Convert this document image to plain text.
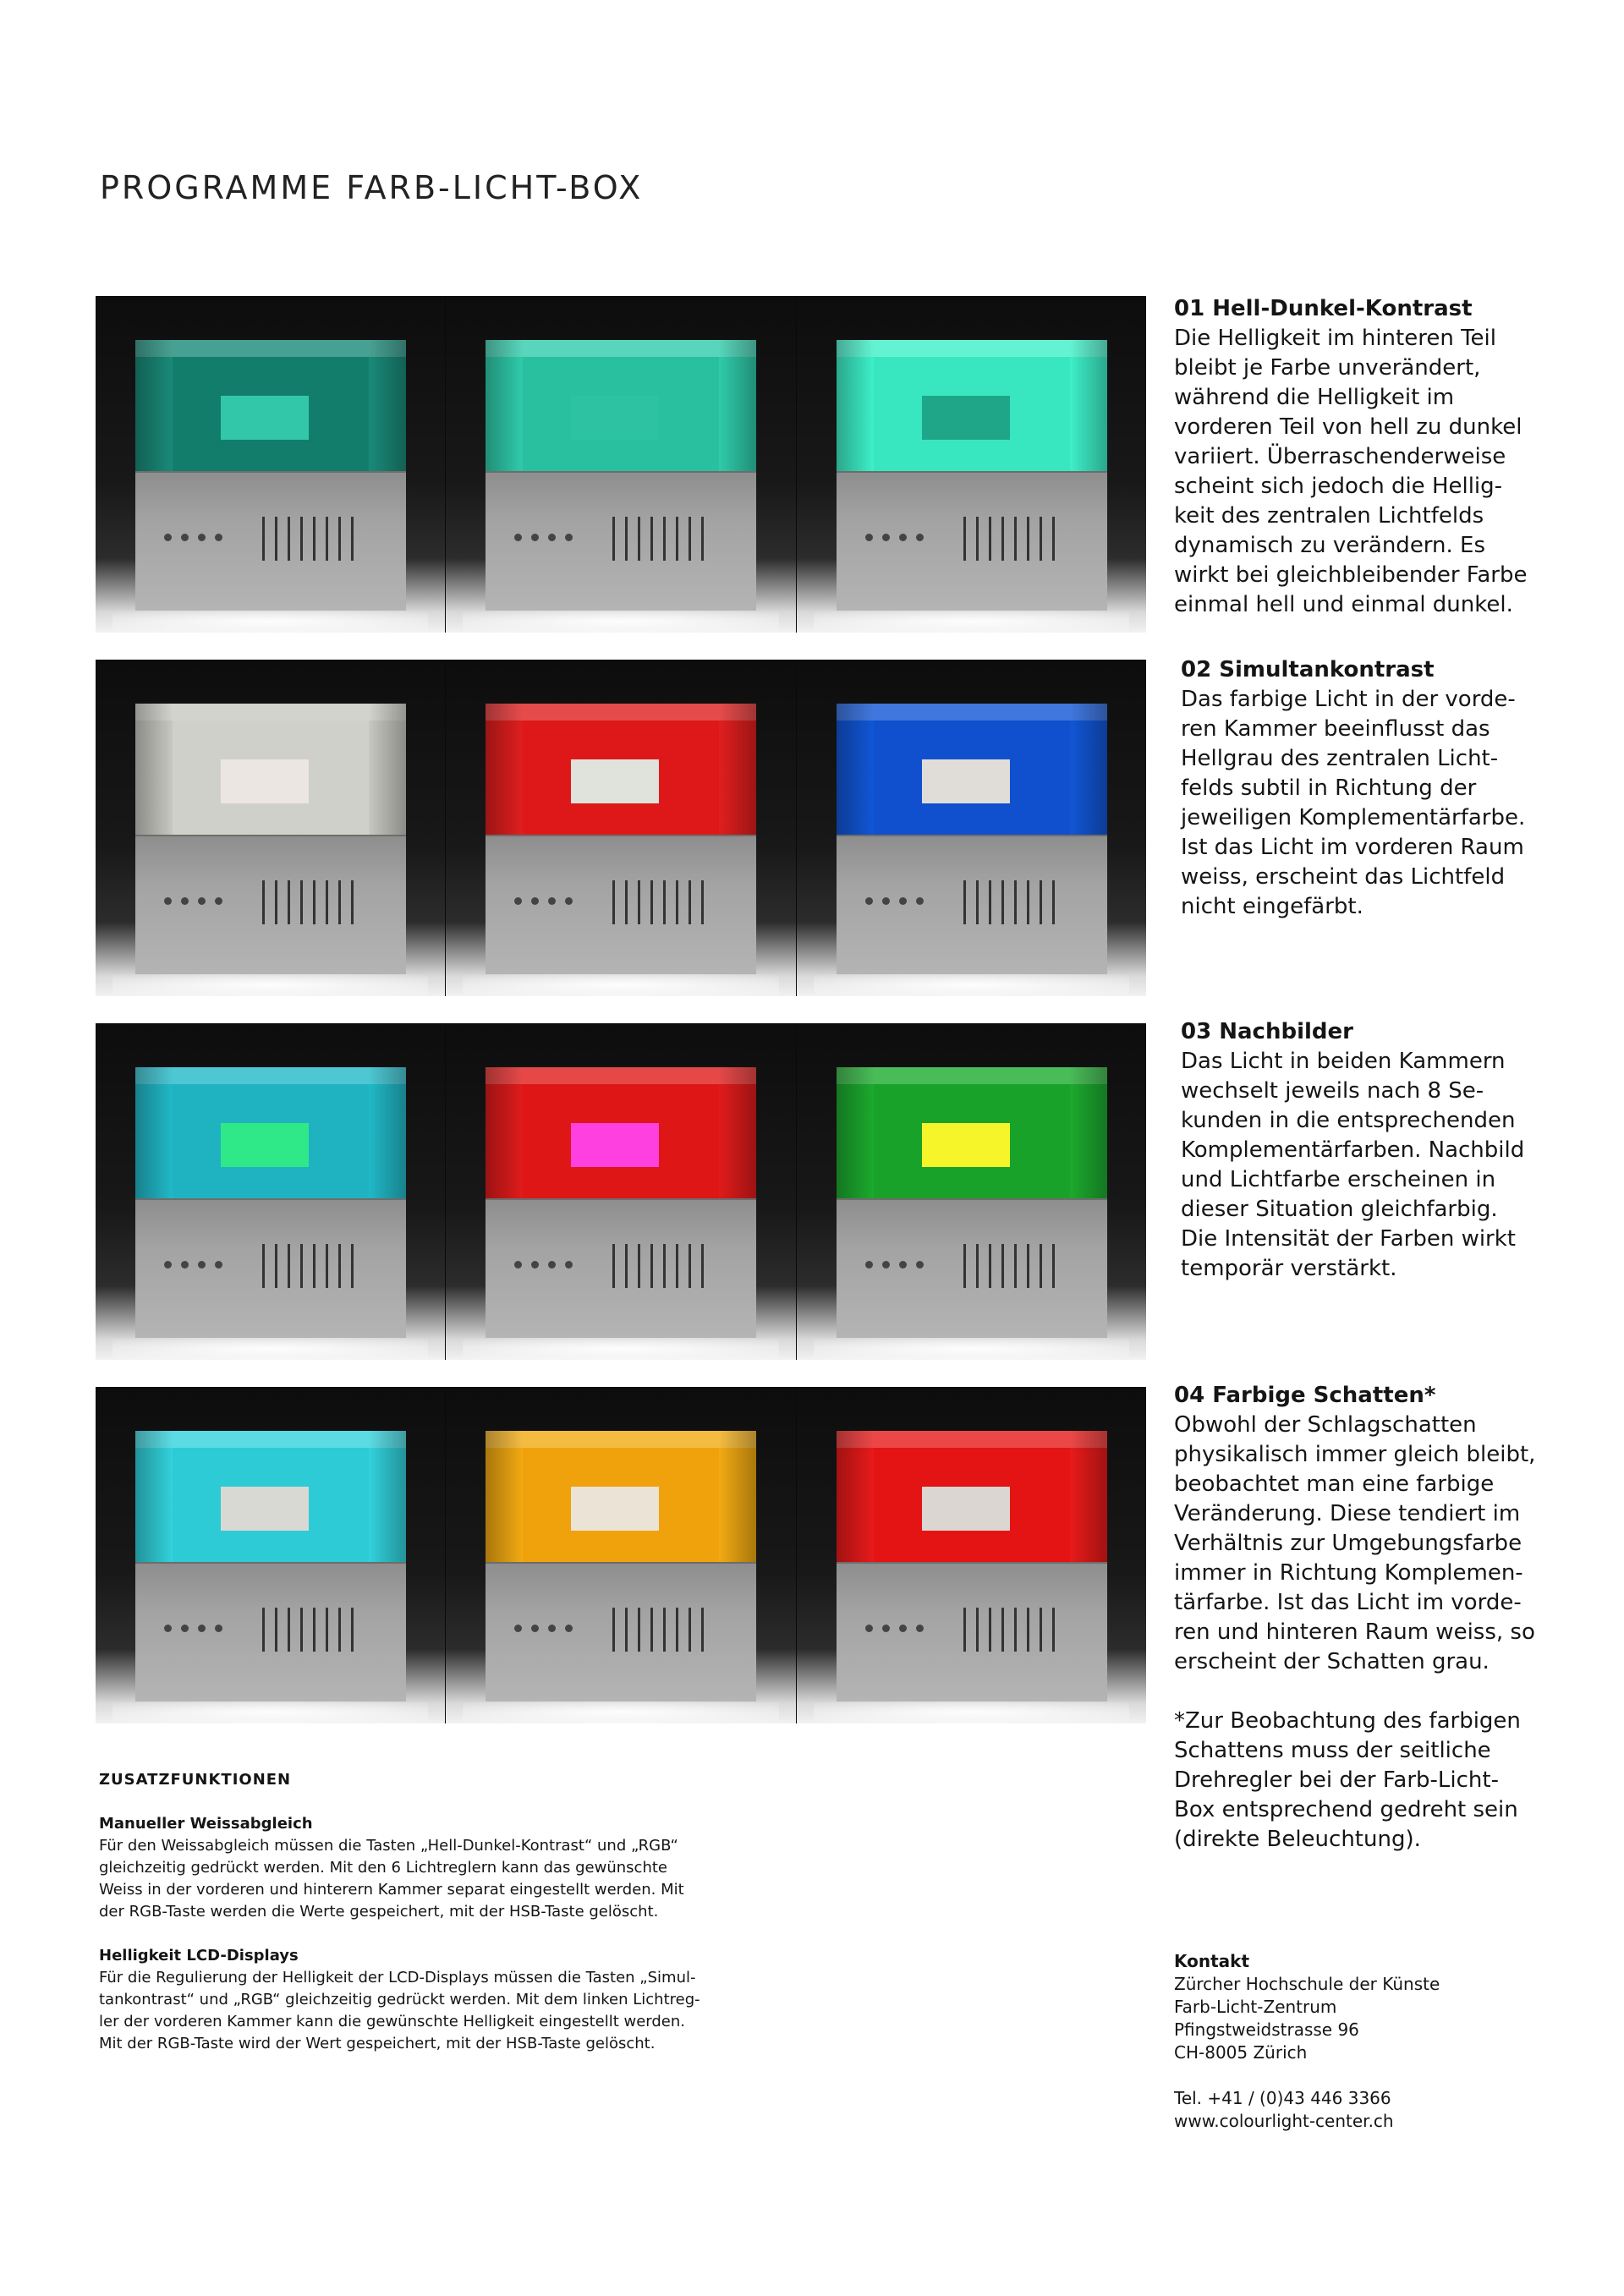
PROGRAMME FARB-LICHT-BOX

01 Hell-Dunkel-Kontrast

Die Helligkeit im hinteren Teil
bleibt je Farbe unverändert,
während die Helligkeit im
vorderen Teil von hell zu dunkel
variiert. Überraschenderweise
scheint sich jedoch die Hellig-
keit des zentralen Lichtfelds
dynamisch zu verändern. Es
wirkt bei gleichbleibender Farbe
einmal hell und einmal dunkel.

02 Simultankontrast

Das farbige Licht in der vorde-
ren Kammer beeinflusst das
Hellgrau des zentralen Licht-
felds subtil in Richtung der
jeweiligen Komplementärfarbe.
Ist das Licht im vorderen Raum
weiss, erscheint das Lichtfeld
nicht eingefärbt.

03 Nachbilder

Das Licht in beiden Kammern
wechselt jeweils nach 8 Se-
kunden in die entsprechenden
Komplementärfarben. Nachbild
und Lichtfarbe erscheinen in
dieser Situation gleichfarbig.
Die Intensität der Farben wirkt
temporär verstärkt.

04 Farbige Schatten*

Obwohl der Schlagschatten
physikalisch immer gleich bleibt,
beobachtet man eine farbige
Veränderung. Diese tendiert im
Verhältnis zur Umgebungsfarbe
immer in Richtung Komplemen-
tärfarbe. Ist das Licht im vorde-
ren und hinteren Raum weiss, so
erscheint der Schatten grau.
*Zur Beobachtung des farbigen
Schattens muss der seitliche
Drehregler bei der Farb-Licht-
Box entsprechend gedreht sein
(direkte Beleuchtung).
ZUSATZFUNKTIONEN
Manueller Weissabgleich
Für den Weissabgleich müssen die Tasten „Hell-Dunkel-Kontrast“ und „RGB“
gleichzeitig gedrückt werden. Mit den 6 Lichtreglern kann das gewünschte
Weiss in der vorderen und hinterern Kammer separat eingestellt werden. Mit
der RGB-Taste werden die Werte gespeichert, mit der HSB-Taste gelöscht.
Helligkeit LCD-Displays
Für die Regulierung der Helligkeit der LCD-Displays müssen die Tasten „Simul-
tankontrast“ und „RGB“ gleichzeitig gedrückt werden. Mit dem linken Lichtreg-
ler der vorderen Kammer kann die gewünschte Helligkeit eingestellt werden.
Mit der RGB-Taste wird der Wert gespeichert, mit der HSB-Taste gelöscht.
Kontakt
Zürcher Hochschule der Künste
Farb-Licht-Zentrum
Pfingstweidstrasse 96
CH-8005 Zürich
Tel. +41 / (0)43 446 3366
www.colourlight-center.ch
